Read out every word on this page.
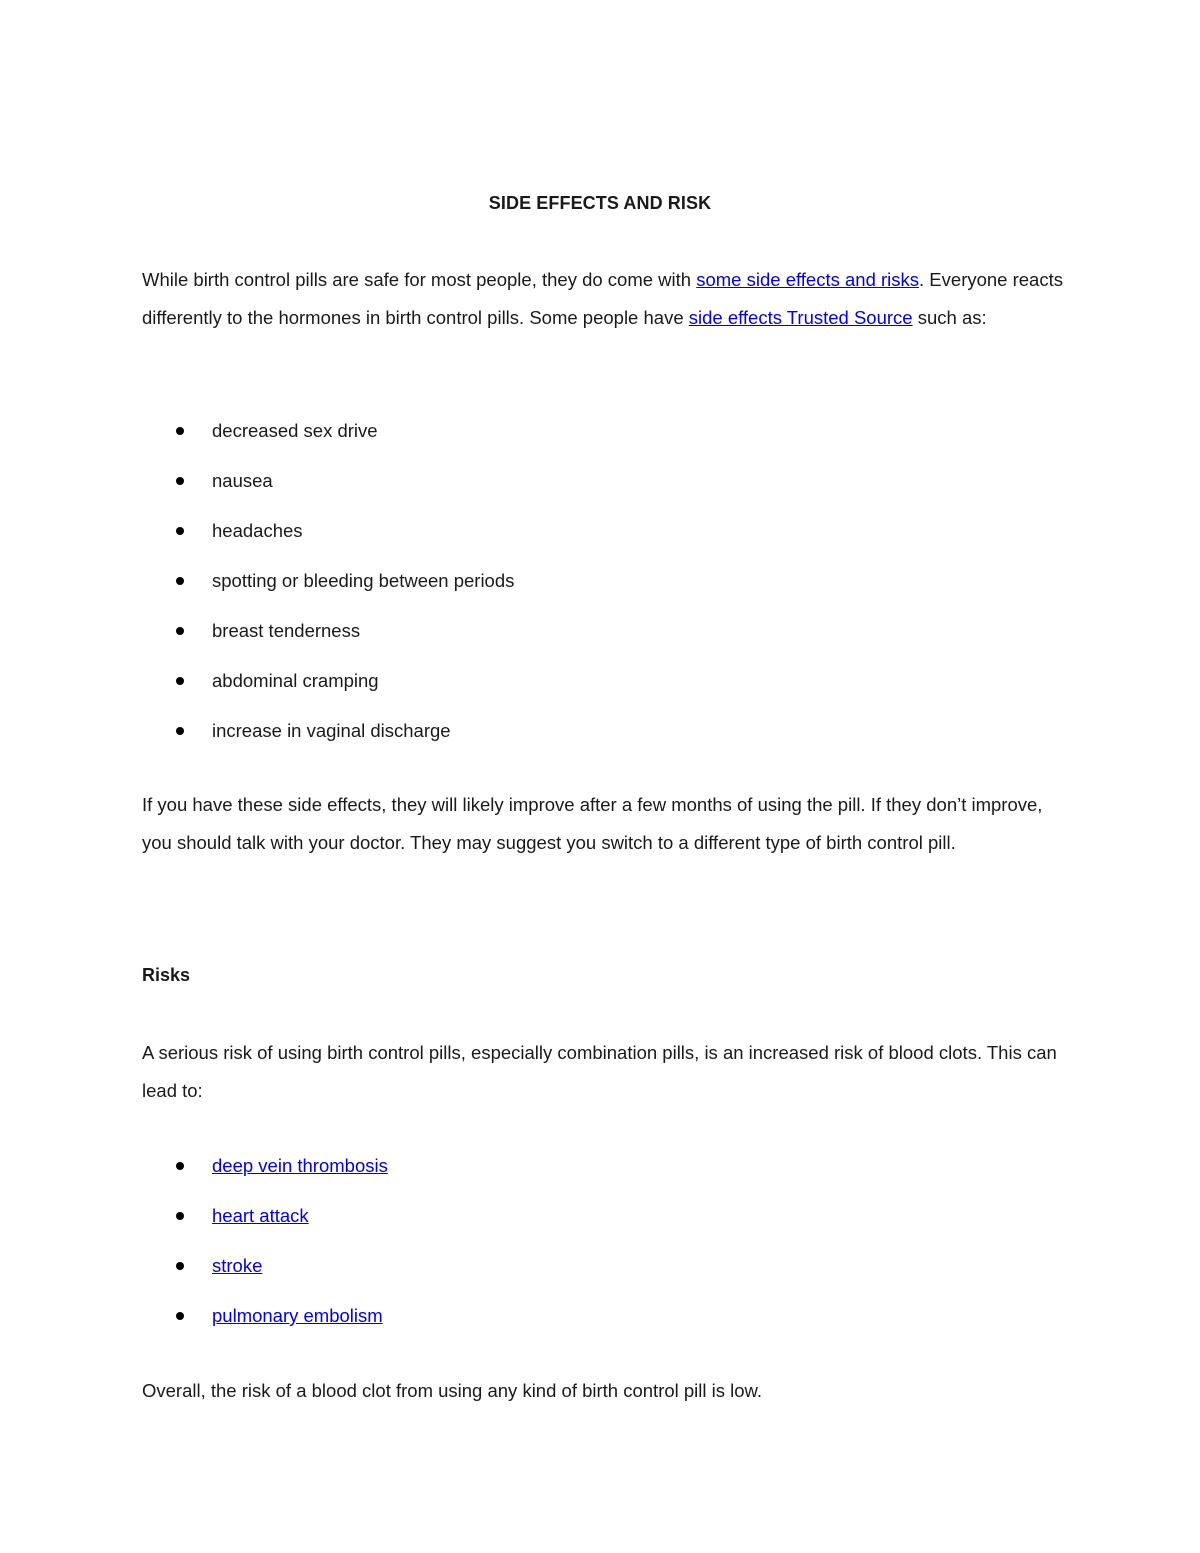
SIDE EFFECTS AND RISK

While birth control pills are safe for most people, they do come with some side effects and risks. Everyone reacts differently to the hormones in birth control pills. Some people have side effects Trusted Source such as:

decreased sex drive
nausea
headaches
spotting or bleeding between periods
breast tenderness
abdominal cramping
increase in vaginal discharge

If you have these side effects, they will likely improve after a few months of using the pill. If they don’t improve, you should talk with your doctor. They may suggest you switch to a different type of birth control pill.

Risks

A serious risk of using birth control pills, especially combination pills, is an increased risk of blood clots. This can lead to:

deep vein thrombosis
heart attack
stroke
pulmonary embolism

Overall, the risk of a blood clot from using any kind of birth control pill is low.
